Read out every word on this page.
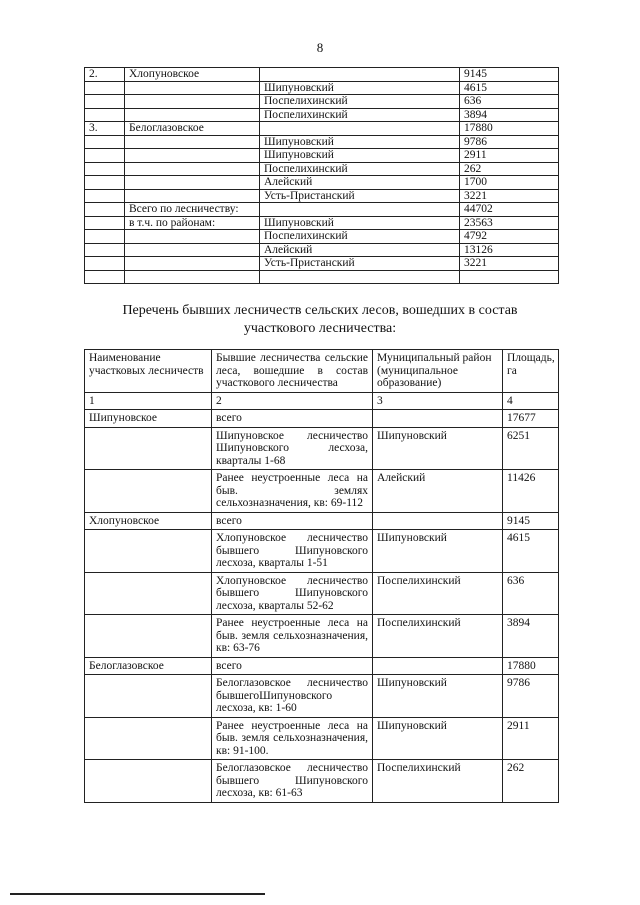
8
2.	Хлопуновское		9145
		Шипуновский	4615
		Поспелихинский	636
		Поспелихинский	3894
3.	Белоглазовское		17880
		Шипуновский	9786
		Шипуновский	2911
		Поспелихинский	262
		Алейский	1700
		Усть-Пристанский	3221
	Всего по лесничеству:		44702
	в т.ч. по районам:	Шипуновский	23563
		Поспелихинский	4792
		Алейский	13126
		Усть-Пристанский	3221

Перечень бывших лесничеств сельских лесов, вошедших в состав
участкового лесничества:
Наименование участковых лесничеств	Бывшие лесничества сельские леса, вошедшие в состав участкового лесничества	Муниципальный район (муниципальное образование)	Площадь, га
1	2	3	4
Шипуновское	всего		17677
	Шипуновское лесничество Шипуновского лесхоза, кварталы 1-68	Шипуновский	6251
	Ранее неустроенные леса на быв. землях сельхозназначения, кв: 69-112	Алейский	11426
Хлопуновское	всего		9145
	Хлопуновское лесничество бывшего Шипуновского лесхоза, кварталы 1-51	Шипуновский	4615
	Хлопуновское лесничество бывшего Шипуновского лесхоза, кварталы 52-62	Поспелихинский	636
	Ранее неустроенные леса на быв. земля сельхозназначения, кв: 63-76	Поспелихинский	3894
Белоглазовское	всего		17880
	Белоглазовское лесничество бывшегоШипуновского лесхоза, кв: 1-60	Шипуновский	9786
	Ранее неустроенные леса на быв. земля сельхозназначения, кв: 91-100.	Шипуновский	2911
	Белоглазовское лесничество бывшего Шипуновского лесхоза, кв: 61-63	Поспелихинский	262
